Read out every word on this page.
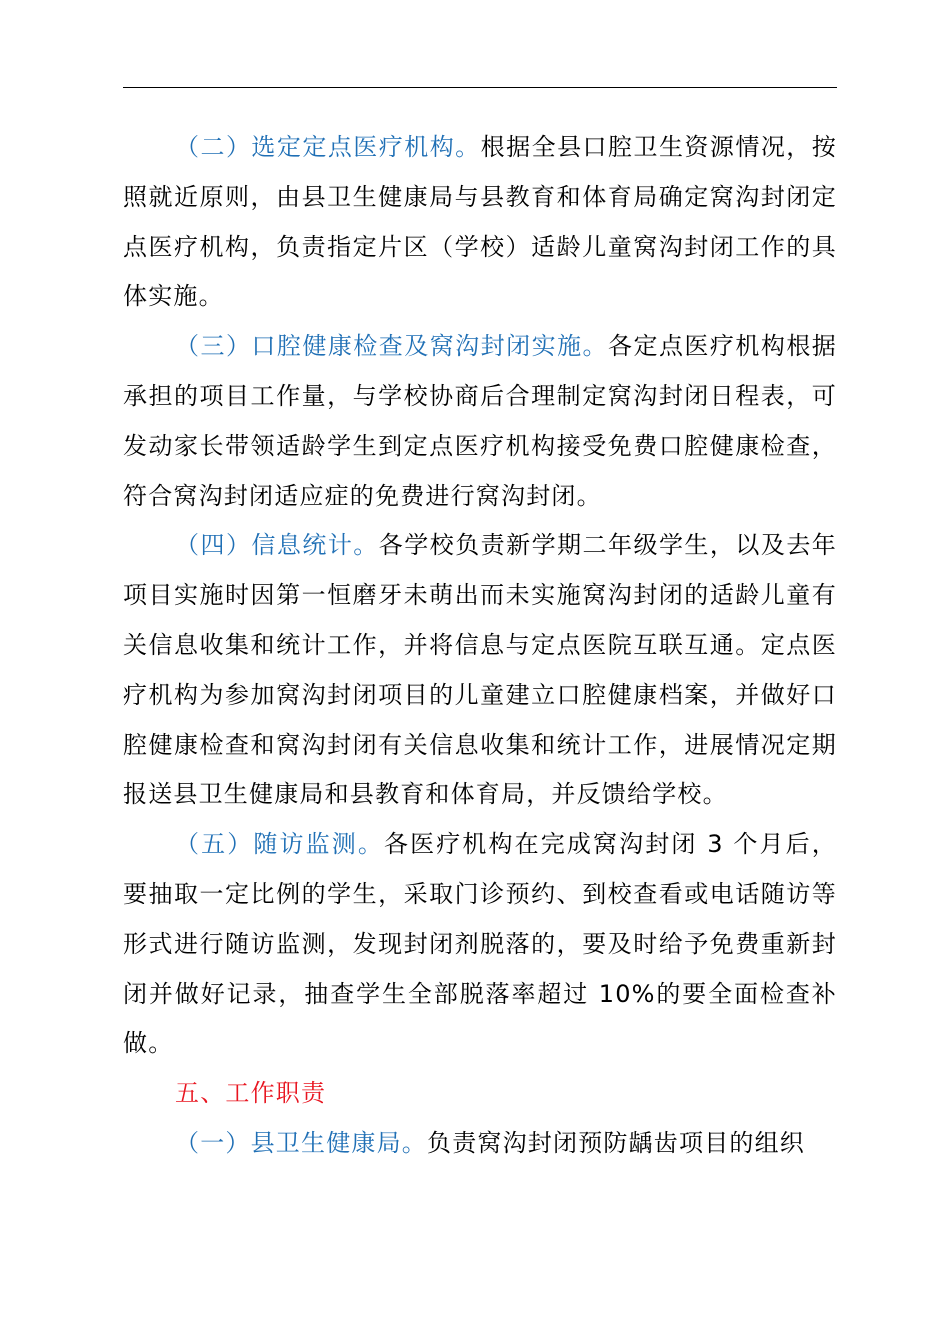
（二）选定定点医疗机构。根据全县口腔卫生资源情况，按照就近原则，由县卫生健康局与县教育和体育局确定窝沟封闭定点医疗机构，负责指定片区（学校）适龄儿童窝沟封闭工作的具体实施。

（三）口腔健康检查及窝沟封闭实施。各定点医疗机构根据承担的项目工作量，与学校协商后合理制定窝沟封闭日程表，可发动家长带领适龄学生到定点医疗机构接受免费口腔健康检查，符合窝沟封闭适应症的免费进行窝沟封闭。

（四）信息统计。各学校负责新学期二年级学生，以及去年项目实施时因第一恒磨牙未萌出而未实施窝沟封闭的适龄儿童有关信息收集和统计工作，并将信息与定点医院互联互通。定点医疗机构为参加窝沟封闭项目的儿童建立口腔健康档案，并做好口腔健康检查和窝沟封闭有关信息收集和统计工作，进展情况定期报送县卫生健康局和县教育和体育局，并反馈给学校。

（五）随访监测。各医疗机构在完成窝沟封闭 3 个月后，要抽取一定比例的学生，采取门诊预约、到校查看或电话随访等形式进行随访监测，发现封闭剂脱落的，要及时给予免费重新封闭并做好记录，抽查学生全部脱落率超过 10%的要全面检查补做。

五、工作职责

（一）县卫生健康局。负责窝沟封闭预防龋齿项目的组织
